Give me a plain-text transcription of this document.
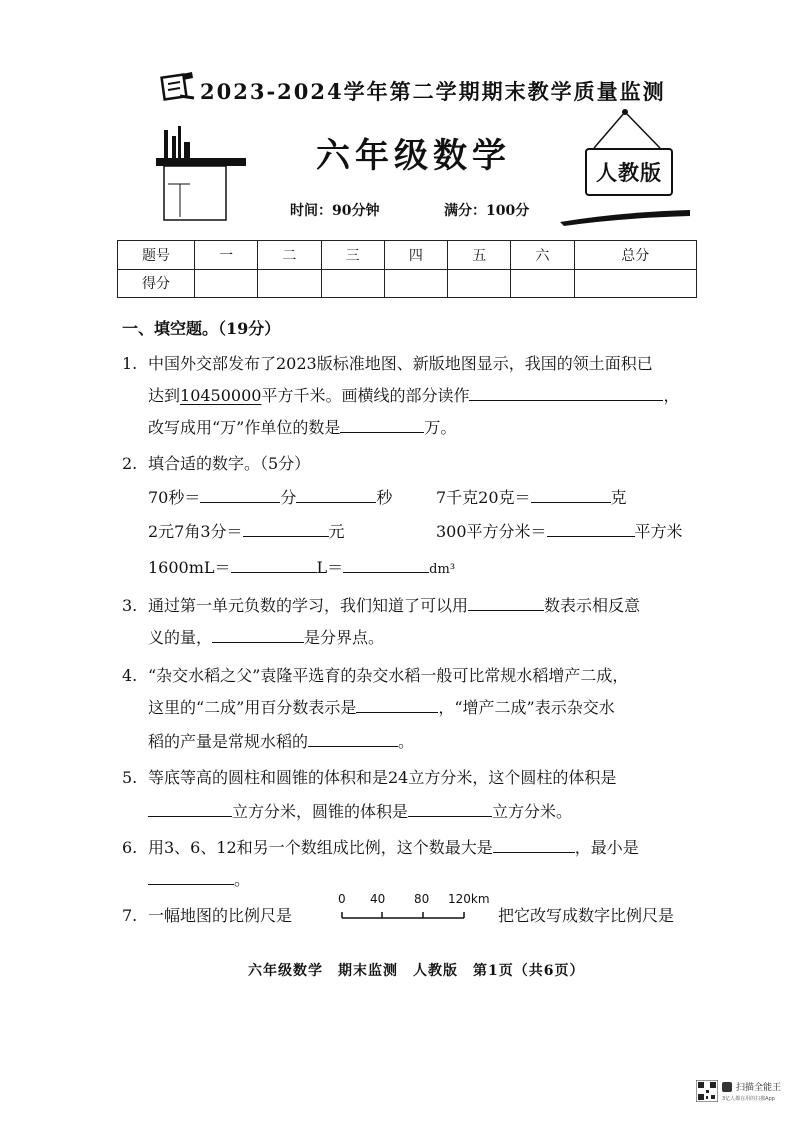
2023-2024学年第二学期期末教学质量监测
六年级数学	人教版
时间：90分钟	满分：100分
题号	一	二	三	四	五	六	总分
得分							
一、填空题。（19分）
1. 中国外交部发布了2023版标准地图、新版地图显示，我国的领土面积已
达到10450000平方千米。画横线的部分读作	，
改写成用“万”作单位的数是	万。
2. 填合适的数字。（5分）
70秒＝	分	秒	7千克20克＝	克
2元7角3分＝	元	300平方分米＝	平方米
1600mL＝	L＝	dm³
3. 通过第一单元负数的学习，我们知道了可以用	数表示相反意
义的量，	是分界点。
4. “杂交水稻之父”袁隆平选育的杂交水稻一般可比常规水稻增产二成，
这里的“二成”用百分数表示是	，“增产二成”表示杂交水
稻的产量是常规水稻的	。
5. 等底等高的圆柱和圆锥的体积和是24立方分米，这个圆柱的体积是
立方分米，圆锥的体积是	立方分米。
6. 用3、6、12和另一个数组成比例，这个数最大是	，最小是
。
7. 一幅地图的比例尺是
0 40 80 120km
把它改写成数字比例尺是
六年级数学　期末监测　人教版　第1页（共6页）
扫描全能王
3亿人都在用的扫描App
